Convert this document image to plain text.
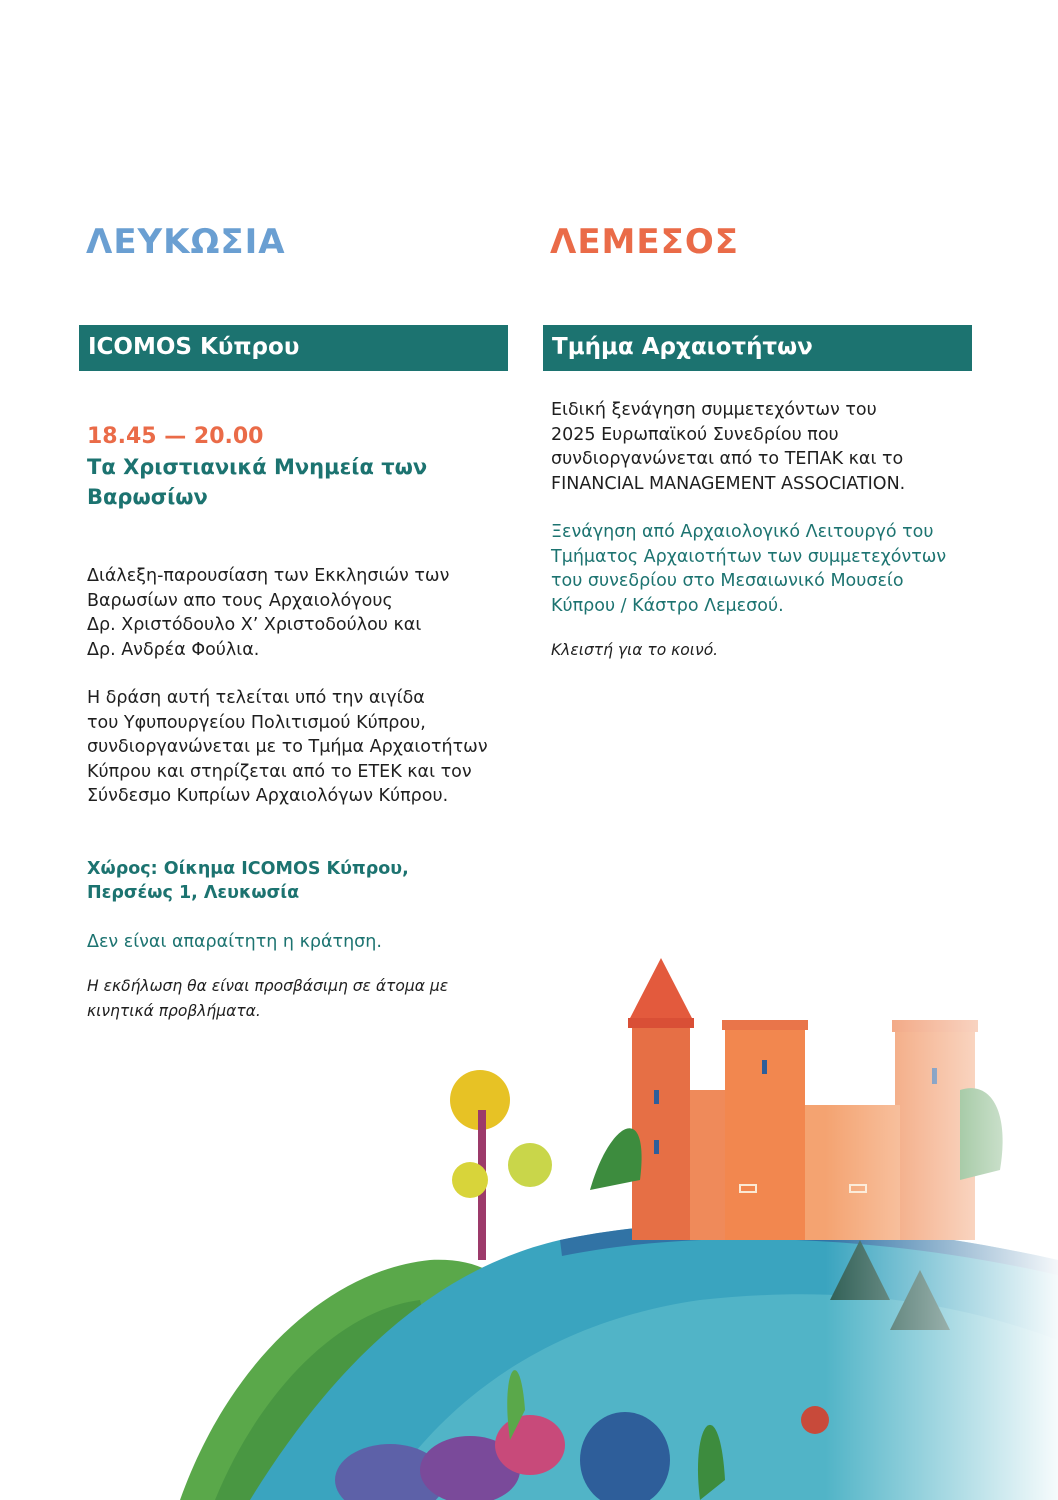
ΛΕΥΚΩΣΙΑ	ΛΕΜΕΣΟΣ
ICOMOS Κύπρου	Τμήμα Αρχαιοτήτων

18.45 — 20.00

Τα Χριστιανικά Μνημεία των

Βαρωσίων

Διάλεξη-παρουσίαση των Εκκλησιών των

Βαρωσίων απο τους Αρχαιολόγους

Δρ. Χριστόδουλο Χ’ Χριστοδούλου και

Δρ. Ανδρέα Φούλια.

Η δράση αυτή τελείται υπό την αιγίδα

του Υφυπουργείου Πολιτισμού Κύπρου,

συνδιοργανώνεται με το Τμήμα Αρχαιοτήτων

Κύπρου και στηρίζεται από το ΕΤΕΚ και τον

Σύνδεσμο Κυπρίων Αρχαιολόγων Κύπρου.

Χώρος: Οίκημα ICOMOS Κύπρου,

Περσέως 1, Λευκωσία

Ειδική ξενάγηση συμμετεχόντων του

2025 Ευρωπαϊκού Συνεδρίου που

συνδιοργανώνεται από το ΤΕΠΑΚ και το

FINANCIAL MANAGEMENT ASSOCIATION.

Ξενάγηση από Αρχαιολογικό Λειτουργό του

Τμήματος Αρχαιοτήτων των συμμετεχόντων

του συνεδρίου στο Μεσαιωνικό Μουσείο

Κύπρου / Κάστρο Λεμεσού.

Κλειστή για το κοινό.
